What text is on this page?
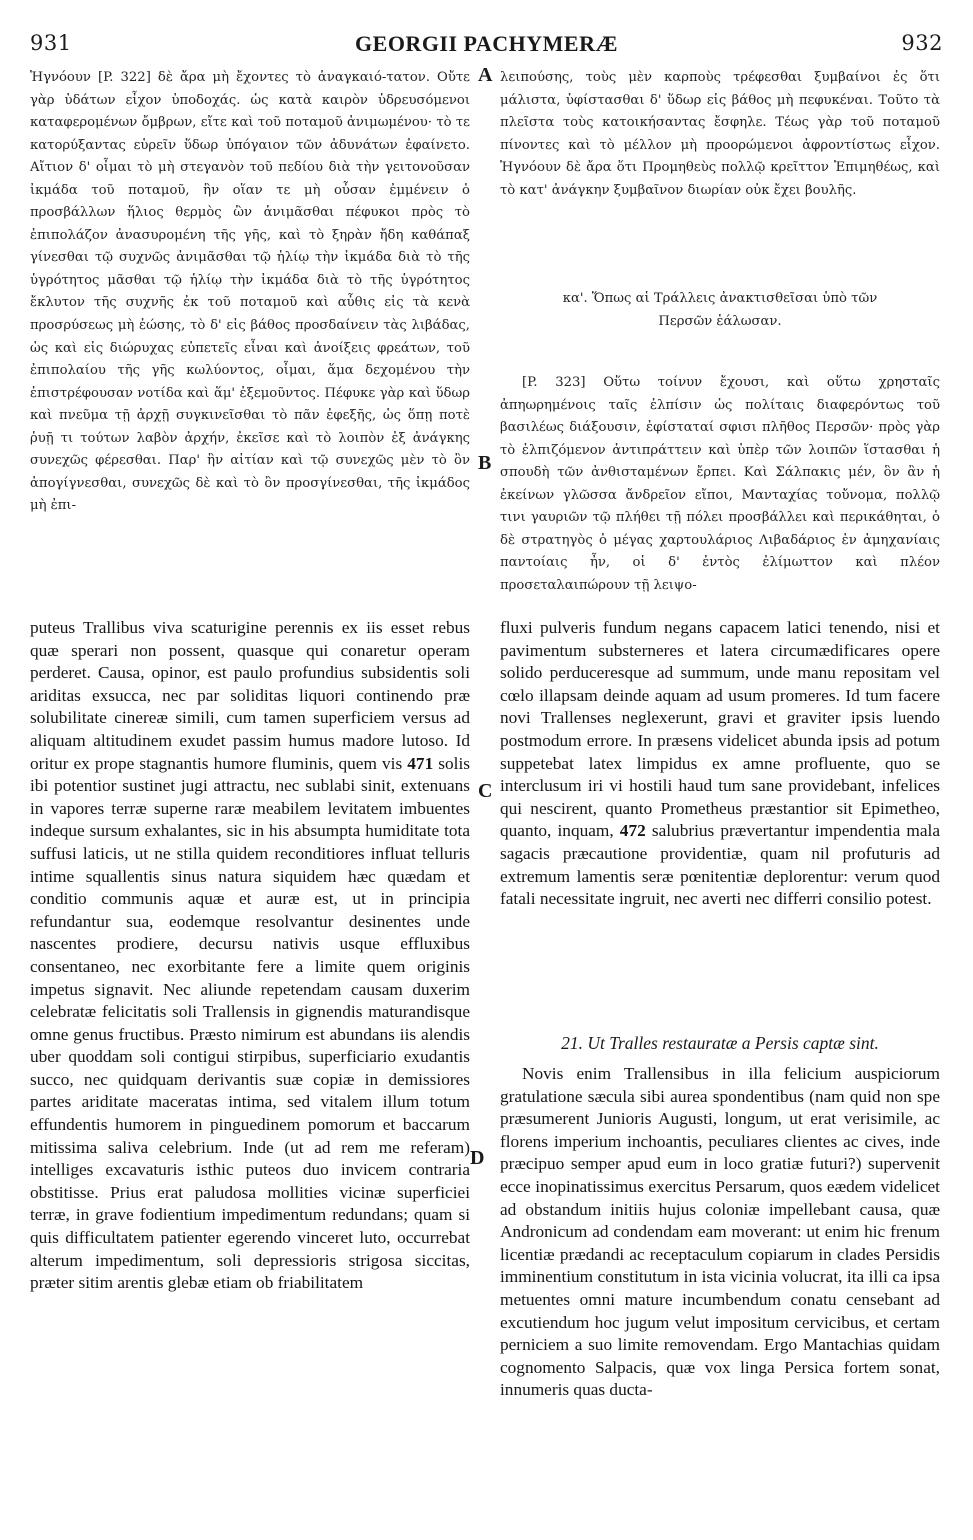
931	GEORGII PACHYMERÆ	932
A
B
C
D

Ἡγνόουν [P. 322] δὲ ἄρα μὴ ἔχοντες τὸ ἀναγκαιό-τατον. Οὔτε γὰρ ὑδάτων εἶχον ὑποδοχάς. ὡς κατὰ καιρὸν ὑδρευσόμενοι καταφερομένων ὄμβρων, εἴτε καὶ τοῦ ποταμοῦ ἀνιμωμένου· τὸ τε κατορύξαντας εὑρεῖν ὕδωρ ὑπόγαιον τῶν ἀδυνάτων ἐφαίνετο. Αἴτιον δ' οἶμαι τὸ μὴ στεγανὸν τοῦ πεδίου διὰ τὴν γειτονοῦσαν ἰκμάδα τοῦ ποταμοῦ, ἣν οἵαν τε μὴ οὖσαν ἐμμένειν ὁ προσβάλλων ἥλιος θερμὸς ὢν ἀνιμᾶσθαι πέφυκοι πρὸς τὸ ἐπιπολάζον ἀνασυρομένη τῆς γῆς, καὶ τὸ ξηρὰν ἤδη καθάπαξ γίνεσθαι τῷ συχνῶς ἀνιμᾶσθαι τῷ ἡλίῳ τὴν ἰκμάδα διὰ τὸ τῆς ὑγρότητος μᾶσθαι τῷ ἡλίῳ τὴν ἰκμάδα διὰ τὸ τῆς ὑγρότητος ἔκλυτον τῆς συχνῆς ἐκ τοῦ ποταμοῦ καὶ αὖθις εἰς τὰ κενὰ προσρύσεως μὴ ἐώσης, τὸ δ' εἰς βάθος προσδαίνειν τὰς λιβάδας, ὡς καὶ εἰς διώρυχας εὐπετεῖς εἶναι καὶ ἀνοίξεις φρεάτων, τοῦ ἐπιπολαίου τῆς γῆς κωλύοντος, οἶμαι, ἅμα δεχομένου τὴν ἐπιστρέφουσαν νοτίδα καὶ ἅμ' ἐξεμοῦντος. Πέφυκε γὰρ καὶ ὕδωρ καὶ πνεῦμα τῇ ἀρχῇ συγκινεῖσθαι τὸ πᾶν ἐφεξῆς, ὡς ὅπῃ ποτὲ ῥυῇ τι τούτων λαβὸν ἀρχήν, ἐκεῖσε καὶ τὸ λοιπὸν ἐξ ἀνάγκης συνεχῶς φέρεσθαι. Παρ' ἣν αἰτίαν καὶ τῷ συνεχῶς μὲν τὸ ὂν ἀπογίγνεσθαι, συνεχῶς δὲ καὶ τὸ ὂν προσγίνεσθαι, τῆς ἰκμάδος μὴ ἐπι-

λειπούσης, τοὺς μὲν καρποὺς τρέφεσθαι ξυμβαίνοι ἐς ὅτι μάλιστα, ὑφίστασθαι δ' ὕδωρ εἰς βάθος μὴ πεφυκέναι. Τοῦτο τὰ πλεῖστα τοὺς κατοικήσαντας ἔσφηλε. Τέως γὰρ τοῦ ποταμοῦ πίνοντες καὶ τὸ μέλλον μὴ προορώμενοι ἀφροντίστως εἶχον. Ἠγνόουν δὲ ἄρα ὅτι Προμηθεὺς πολλῷ κρεῖττον Ἐπιμηθέως, καὶ τὸ κατ' ἀνάγκην ξυμβαῖνον διωρίαν οὐκ ἔχει βουλῆς.

κα'. Ὅπως αἱ Τράλλεις ἀνακτισθεῖσαι ὑπὸ τῶν

Περσῶν ἑάλωσαν.

[P. 323] Οὕτω τοίνυν ἔχουσι, καὶ οὕτω χρησταῖς ἀπηωρημένοις ταῖς ἐλπίσιν ὡς πολίταις διαφερόντως τοῦ βασιλέως διάξουσιν, ἐφίσταταί σφισι πλῆθος Περσῶν· πρὸς γὰρ τὸ ἐλπιζόμενον ἀντιπράττειν καὶ ὑπὲρ τῶν λοιπῶν ἵστασθαι ἡ σπουδὴ τῶν ἀνθισταμένων ἔρπει. Καὶ Σάλπακις μέν, ὃν ἂν ἡ ἐκείνων γλῶσσα ἄνδρεῖον εἴποι, Μανταχίας τοὔνομα, πολλῷ τινι γαυριῶν τῷ πλήθει τῇ πόλει προσβάλλει καὶ περικάθηται, ὁ δὲ στρατηγὸς ὁ μέγας χαρτουλάριος Λιβαδάριος ἐν ἀμηχανίαις παντοίαις ἦν, οἱ δ' ἐντὸς ἐλίμωττον καὶ πλέον προσεταλαιπώρουν τῇ λειψο-

puteus Trallibus viva scaturigine perennis ex iis esset rebus quæ sperari non possent, quasque qui conaretur operam perderet. Causa, opinor, est paulo profundius subsidentis soli ariditas exsucca, nec par soliditas liquori continendo præ solubilitate cinereæ simili, cum tamen superficiem versus ad aliquam altitudinem exudet passim humus madore lutoso. Id oritur ex prope stagnantis humore fluminis, quem vis 471 solis ibi potentior sustinet jugi attractu, nec sublabi sinit, extenuans in vapores terræ superne raræ meabilem levitatem imbuentes indeque sursum exhalantes, sic in his absumpta humiditate tota suffusi laticis, ut ne stilla quidem reconditiores influat telluris intime squallentis sinus natura siquidem hæc quædam et conditio communis aquæ et auræ est, ut in principia refundantur sua, eodemque resolvantur desinentes unde nascentes prodiere, decursu nativis usque effluxibus consentaneo, nec exorbitante fere a limite quem originis impetus signavit. Nec aliunde repetendam causam duxerim celebratæ felicitatis soli Trallensis in gignendis maturandisque omne genus fructibus. Præsto nimirum est abundans iis alendis uber quoddam soli contigui stirpibus, superficiario exudantis succo, nec quidquam derivantis suæ copiæ in demissiores partes ariditate maceratas intima, sed vitalem illum totum effundentis humorem in pinguedinem pomorum et baccarum mitissima saliva celebrium. Inde (ut ad rem me referam) intelliges excavaturis isthic puteos duo invicem contraria obstitisse. Prius erat paludosa mollities vicinæ superficiei terræ, in grave fodientium impedimentum redundans; quam si quis difficultatem patienter egerendo vinceret luto, occurrebat alterum impedimentum, soli depressioris strigosa siccitas, præter sitim arentis glebæ etiam ob friabilitatem

fluxi pulveris fundum negans capacem latici tenendo, nisi et pavimentum substerneres et latera circumædificares opere solido perduceresque ad summum, unde manu repositam vel cœlo illapsam deinde aquam ad usum promeres. Id tum facere novi Trallenses neglexerunt, gravi et graviter ipsis luendo postmodum errore. In præsens videlicet abunda ipsis ad potum suppetebat latex limpidus ex amne profluente, quo se interclusum iri vi hostili haud tum sane providebant, infelices qui nescirent, quanto Prometheus præstantior sit Epimetheo, quanto, inquam, 472 salubrius prævertantur impendentia mala sagacis præcautione providentiæ, quam nil profuturis ad extremum lamentis seræ pœnitentiæ deplorentur: verum quod fatali necessitate ingruit, nec averti nec differri consilio potest.

21. Ut Tralles restauratæ a Persis captæ sint.

Novis enim Trallensibus in illa felicium auspiciorum gratulatione sæcula sibi aurea spondentibus (nam quid non spe præsumerent Junioris Augusti, longum, ut erat verisimile, ac florens imperium inchoantis, peculiares clientes ac cives, inde præcipuo semper apud eum in loco gratiæ futuri?) supervenit ecce inopinatissimus exercitus Persarum, quos eædem videlicet ad obstandum initiis hujus coloniæ impellebant causa, quæ Andronicum ad condendam eam moverant: ut enim hic frenum licentiæ prædandi ac receptaculum copiarum in clades Persidis imminentium constitutum in ista vicinia volucrat, ita illi ca ipsa metuentes omni mature incumbendum conatu censebant ad excutiendum hoc jugum velut impositum cervicibus, et certam perniciem a suo limite removendam. Ergo Mantachias quidam cognomento Salpacis, quæ vox linga Persica fortem sonat, innumeris quas ducta-
